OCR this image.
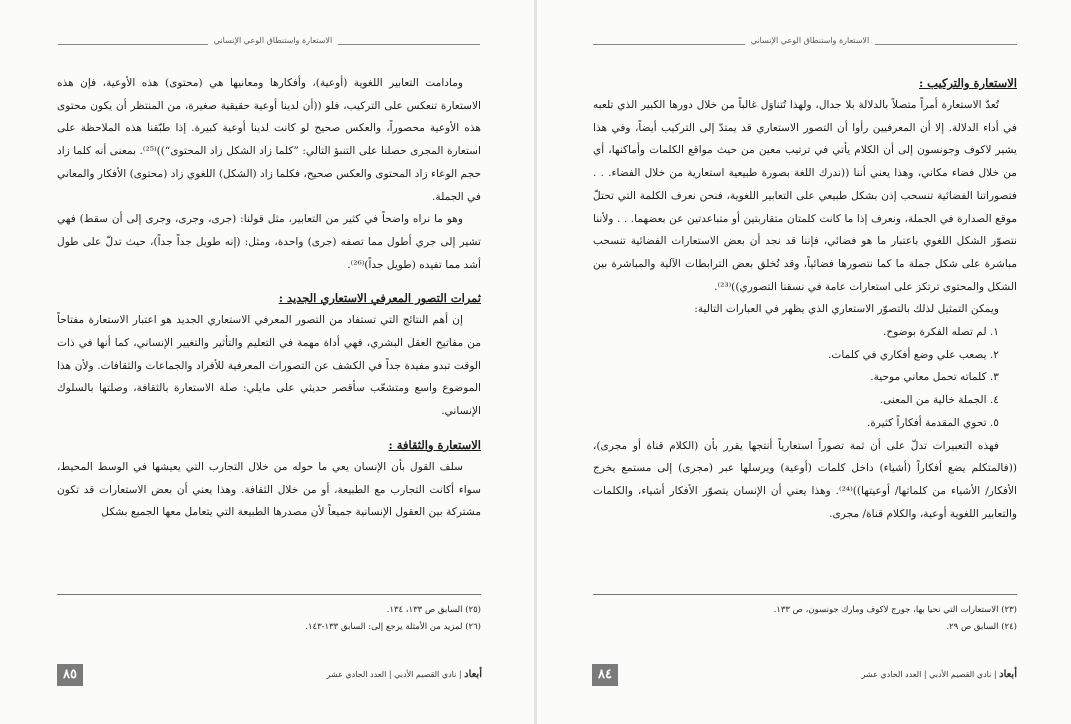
الاستعارة واستنطاق الوعي الإنساني

ومادامت التعابير اللغوية (أوعية)، وأفكارها ومعانيها هي (محتوى) هذه الأوعية، فإن هذه الاستعارة تنعكس على التركيب، فلو ((أن لدينا أوعية حقيقية صغيرة، من المنتظر أن يكون محتوى هذه الأوعية محصوراً، والعكس صحيح لو كانت لدينا أوعية كبيرة. إذا طبّقنا هذه الملاحظة على استعارة المجرى حصلنا على التنبؤ التالي: ”كلما زاد الشكل زاد المحتوى“))⁽²⁵⁾. بمعنى أنه كلما زاد حجم الوعاء زاد المحتوى والعكس صحيح، فكلما زاد (الشكل) اللغوي زاد (محتوى) الأفكار والمعاني في الجملة.

وهو ما نراه واضحاً في كثير من التعابير، مثل قولنا: (جرى، وجرى، وجرى إلى أن سقط) فهي تشير إلى جري أطول مما تصفه (جرى) واحدة، ومثل: (إنه طويل جداً جداً)، حيث تدلّ على طول أشد مما تفيده (طويل جداً)⁽²⁶⁾.

ثمرات التصور المعرفي الاستعاري الجديد :

إن أهم النتائج التي تستفاد من التصور المعرفي الاستعاري الجديد هو اعتبار الاستعارة مفتاحاً من مفاتيح العقل البشري، فهي أداة مهمة في التعليم والتأثير والتغيير الإنساني، كما أنها في ذات الوقت تبدو مفيدة جداً في الكشف عن التصورات المعرفية للأفراد والجماعات والثقافات. ولأن هذا الموضوع واسع ومتشعّب سأقصر حديثي على مايلي: صلة الاستعارة بالثقافة، وصلتها بالسلوك الإنساني.

الاستعارة والثقافة :

سلف القول بأن الإنسان يعي ما حوله من خلال التجارب التي يعيشها في الوسط المحيط، سواء أكانت التجارب مع الطبيعة، أو من خلال الثقافة. وهذا يعني أن بعض الاستعارات قد تكون مشتركة بين العقول الإنسانية جميعاً لأن مصدرها الطبيعة التي يتعامل معها الجميع بشكل

(٢٥) السابق ص ١٣٣، ١٣٤.
(٢٦) لمزيد من الأمثلة يرجع إلى: السابق ١٣٣-١٤٣.
٨٥	أبعاد | نادي القصيم الأدبي | العدد الحادي عشر
الاستعارة واستنطاق الوعي الإنساني
الاستعارة والتركيب :

تُعدّ الاستعارة أمراً متصلاً بالدلالة بلا جدال، ولهذا تُتناوَل غالباً من خلال دورها الكبير الذي تلعبه في أداء الدلالة. إلا أن المعرفيين رأوا أن التصور الاستعاري قد يمتدّ إلى التركيب أيضاً، وفي هذا يشير لاكوف وجونسون إلى أن الكلام يأتي في ترتيب معين من حيث مواقع الكلمات وأماكنها، أي من خلال فضاء مكاني، وهذا يعني أننا ((ندرك اللغة بصورة طبيعية استعارية من خلال الفضاء. . . فتصوراتنا الفضائية تنسحب إذن بشكل طبيعي على التعابير اللغوية، فنحن نعرف الكلمة التي تحتلّ موقع الصدارة في الجملة، ونعرف إذا ما كانت كلمتان متقاربتين أو متباعدتين عن بعضهما. . . ولأننا نتصوّر الشكل اللغوي باعتبار ما هو فضائي، فإننا قد نجد أن بعض الاستعارات الفضائية تنسحب مباشرة على شكل جملة ما كما نتصورها فضائياً، وقد تُخلق بعض الترابطات الآلية والمباشرة بين الشكل والمحتوى ترتكز على استعارات عامة في نسقنا التصوري))⁽²³⁾.

ويمكن التمثيل لذلك بالتصوّر الاستعاري الذي يظهر في العبارات التالية:

١. لم تصله الفكرة بوضوح.

٢. يصعب علي وضع أفكاري في كلمات.

٣. كلماته تحمل معاني موحية.

٤. الجملة خالية من المعنى.

٥. تحوي المقدمة أفكاراً كثيرة.

فهذه التعبيرات تدلّ على أن ثمة تصوراً استعارياً أنتجها يقرر بأن (الكلام قناة أو مجرى)، ((فالمتكلم يضع أفكاراً (أشياء) داخل كلمات (أوعية) ويرسلها عبر (مجرى) إلى مستمع يخرج الأفكار/ الأشياء من كلماتها/ أوعيتها))⁽²⁴⁾. وهذا يعني أن الإنسان يتصوّر الأفكار أشياء، والكلمات والتعابير اللغوية أوعية، والكلام قناة/ مجرى.

(٢٣) الاستعارات التي نحيا بها، جورج لاكوف ومارك جونسون، ص ١٣٣.
(٢٤) السابق ص ٢٩.
٨٤	أبعاد | نادي القصيم الأدبي | العدد الحادي عشر
